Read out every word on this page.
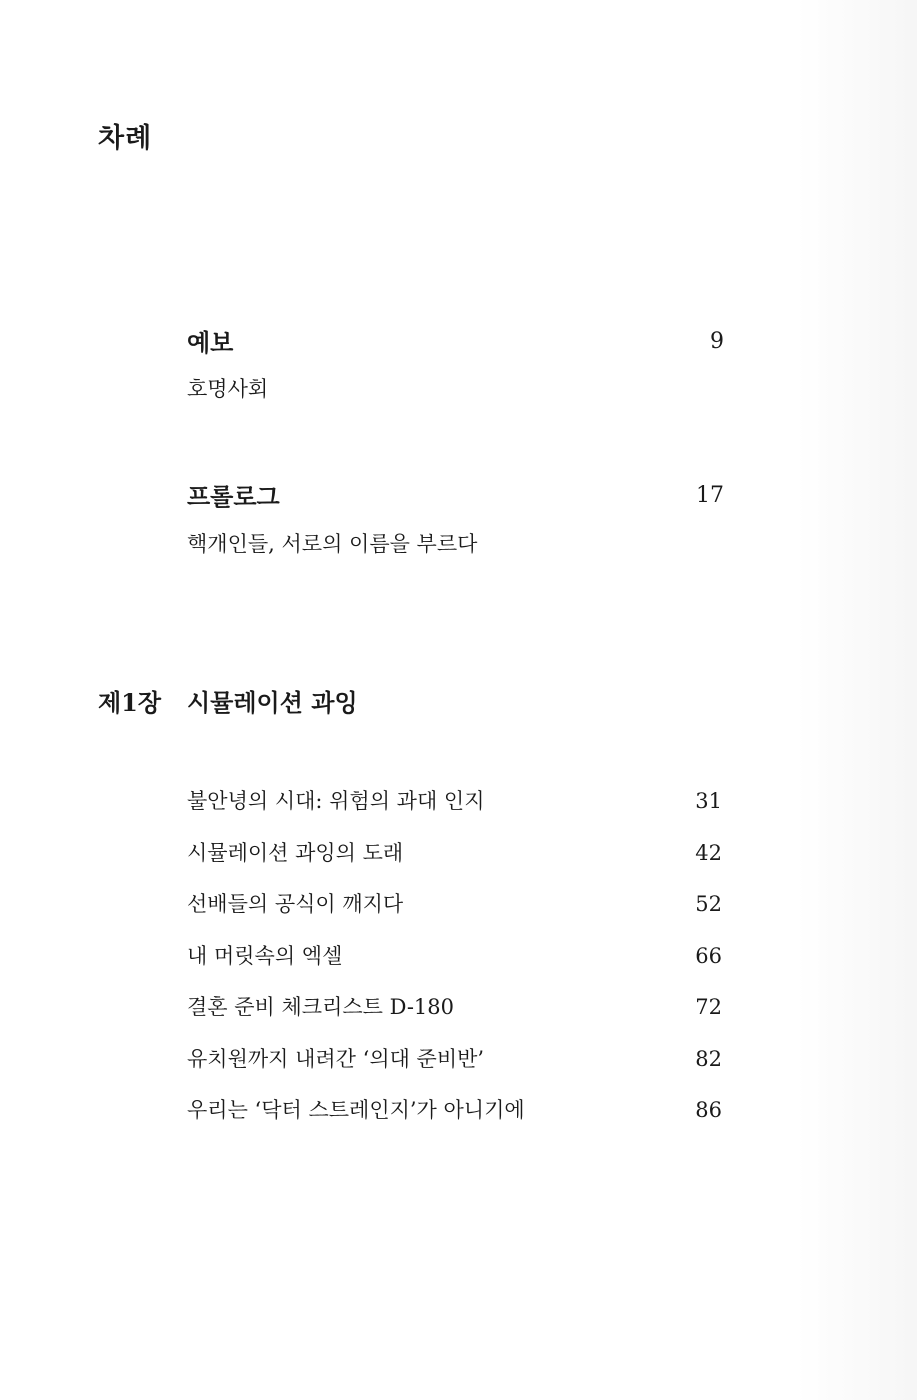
차례
예보	9
호명사회
프롤로그	17
핵개인들, 서로의 이름을 부르다
제1장 시뮬레이션 과잉
불안녕의 시대: 위험의 과대 인지	31
시뮬레이션 과잉의 도래	42
선배들의 공식이 깨지다	52
내 머릿속의 엑셀	66
결혼 준비 체크리스트 D-180	72
유치원까지 내려간 ‘의대 준비반’	82
우리는 ‘닥터 스트레인지’가 아니기에	86
